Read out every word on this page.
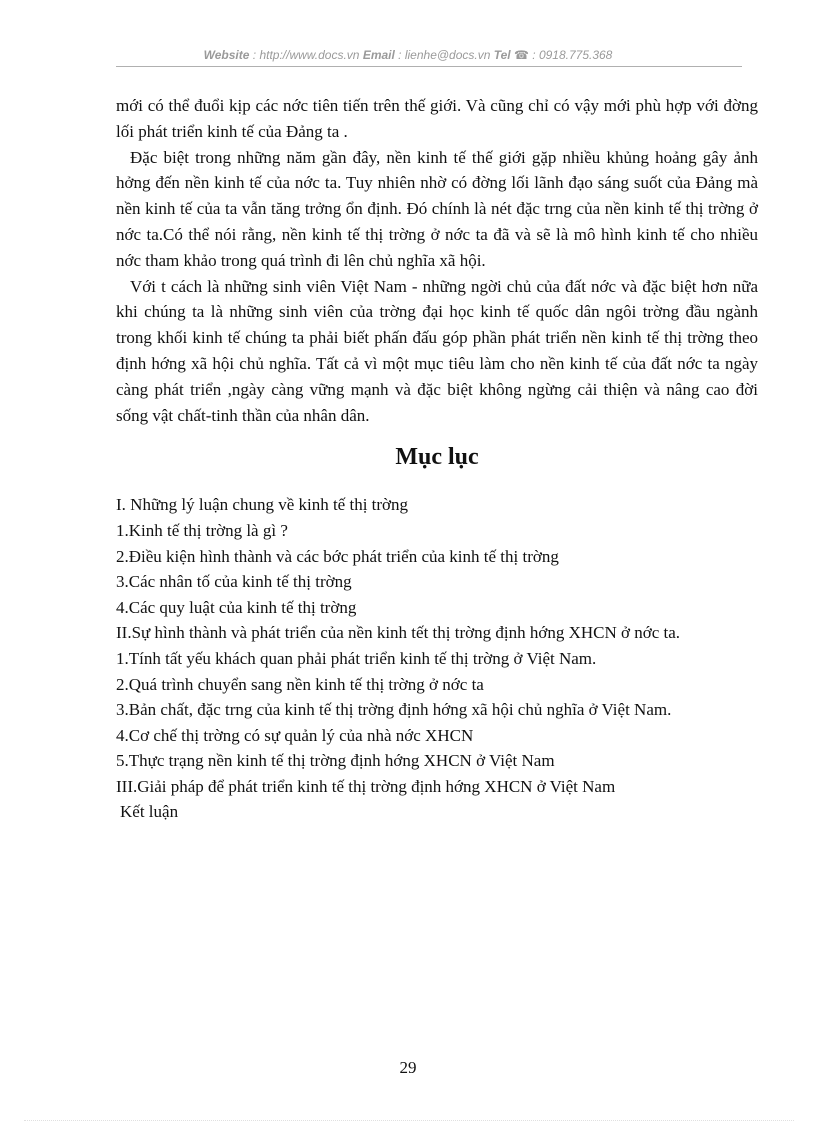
Website : http://www.docs.vn Email : lienhe@docs.vn Tel ☎ : 0918.775.368

mới có thể đuổi kịp các nớc tiên tiến trên thế giới. Và cũng chỉ có vậy mới phù hợp với đờng lối phát triển kinh tế của Đảng ta .

Đặc biệt trong những năm gần đây, nền kinh tế thế giới gặp nhiều khủng hoảng gây ảnh hởng đến nền kinh tế của nớc ta. Tuy nhiên nhờ có đờng lối lãnh đạo sáng suốt của Đảng mà nền kinh tế của ta vẫn tăng trởng ổn định. Đó chính là nét đặc trng của nền kinh tế thị trờng ở nớc ta.Có thể nói rằng, nền kinh tế thị trờng ở nớc ta đã và sẽ là mô hình kinh tế cho nhiều nớc tham khảo trong quá trình đi lên chủ nghĩa xã hội.

Với t cách là những sinh viên Việt Nam - những ngời chủ của đất nớc và đặc biệt hơn nữa khi chúng ta là những sinh viên của trờng đại học kinh tế quốc dân ngôi trờng đầu ngành trong khối kinh tế chúng ta phải biết phấn đấu góp phần phát triển nền kinh tế thị trờng theo định hớng xã hội chủ nghĩa. Tất cả vì một mục tiêu làm cho nền kinh tế của đất nớc ta ngày càng phát triển ,ngày càng vững mạnh và đặc biệt không ngừng cải thiện và nâng cao đời sống vật chất-tinh thần của nhân dân.

Mục lục
I. Những lý luận chung về kinh tế thị trờng
1.Kinh tế thị trờng là gì ?
2.Điều kiện hình thành và các bớc phát triển của kinh tế thị trờng
3.Các nhân tố của kinh tế thị trờng
4.Các quy luật của kinh tế thị trờng
II.Sự hình thành và phát triển của nền kinh tết thị trờng định hớng XHCN ở nớc ta.
1.Tính tất yếu khách quan phải phát triển kinh tế thị trờng ở Việt Nam.
2.Quá trình chuyển sang nền kinh tế thị trờng ở nớc ta
3.Bản chất, đặc trng của kinh tế thị trờng định hớng xã hội chủ nghĩa ở Việt Nam.
4.Cơ chế thị trờng có sự quản lý của nhà nớc XHCN
5.Thực trạng nền kinh tế thị trờng định hớng XHCN ở Việt Nam
III.Giải pháp để phát triển kinh tế thị trờng định hớng XHCN ở Việt Nam
Kết luận
29
